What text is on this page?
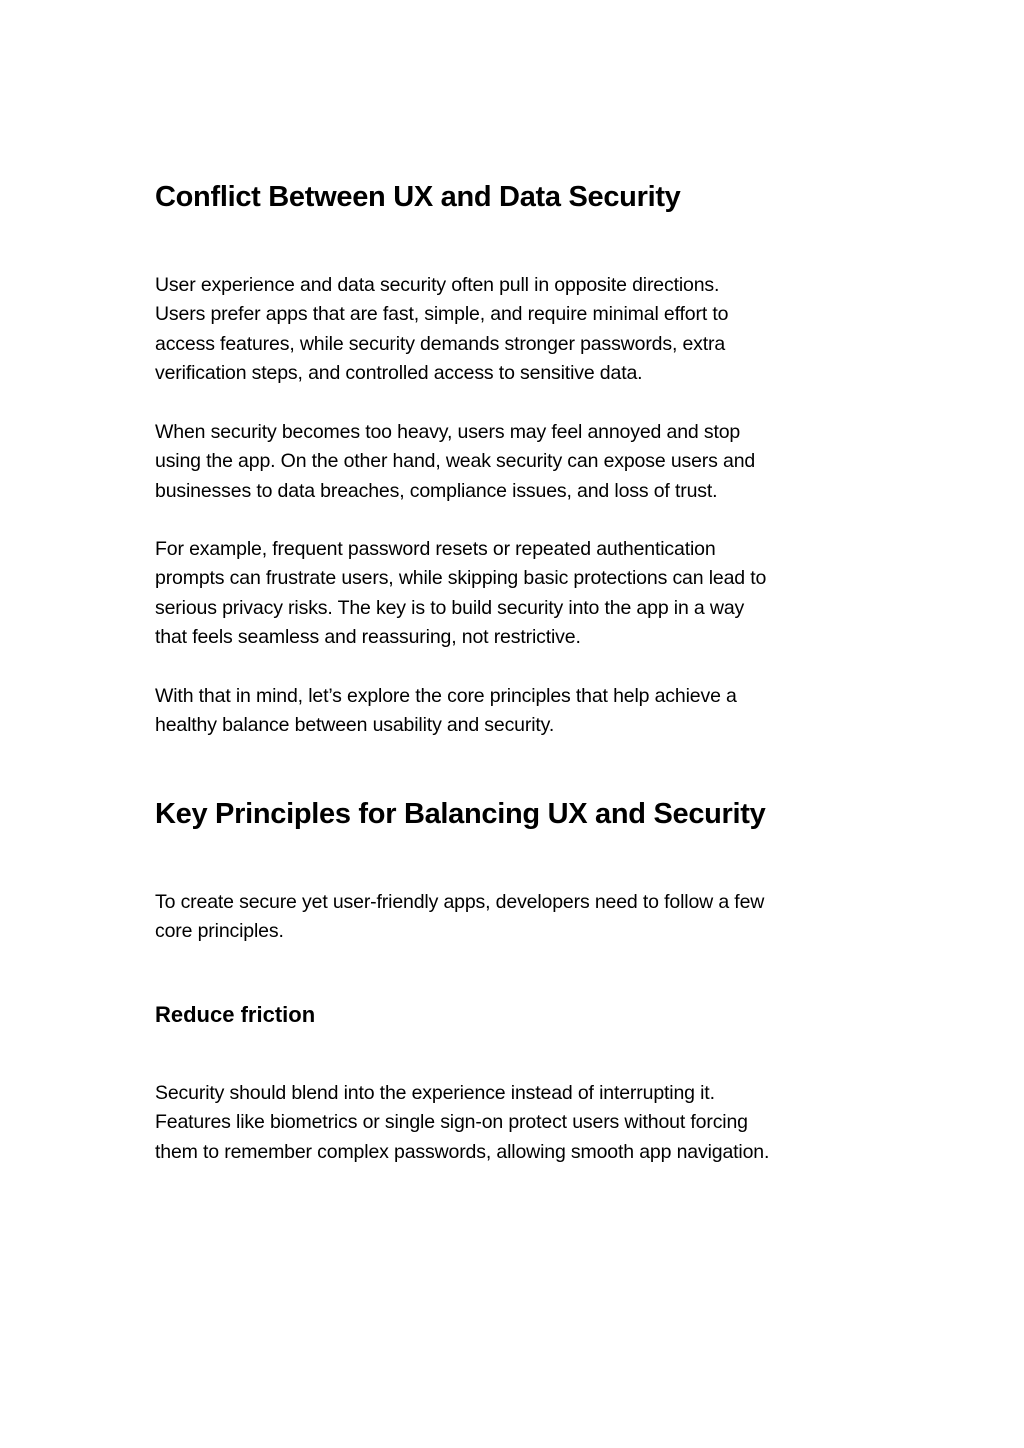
Conflict Between UX and Data Security

User experience and data security often pull in opposite directions.
Users prefer apps that are fast, simple, and require minimal effort to
access features, while security demands stronger passwords, extra
verification steps, and controlled access to sensitive data.

When security becomes too heavy, users may feel annoyed and stop
using the app. On the other hand, weak security can expose users and
businesses to data breaches, compliance issues, and loss of trust.

For example, frequent password resets or repeated authentication
prompts can frustrate users, while skipping basic protections can lead to
serious privacy risks. The key is to build security into the app in a way
that feels seamless and reassuring, not restrictive.

With that in mind, let’s explore the core principles that help achieve a
healthy balance between usability and security.

Key Principles for Balancing UX and Security

To create secure yet user-friendly apps, developers need to follow a few
core principles.

Reduce friction

Security should blend into the experience instead of interrupting it.
Features like biometrics or single sign-on protect users without forcing
them to remember complex passwords, allowing smooth app navigation.
